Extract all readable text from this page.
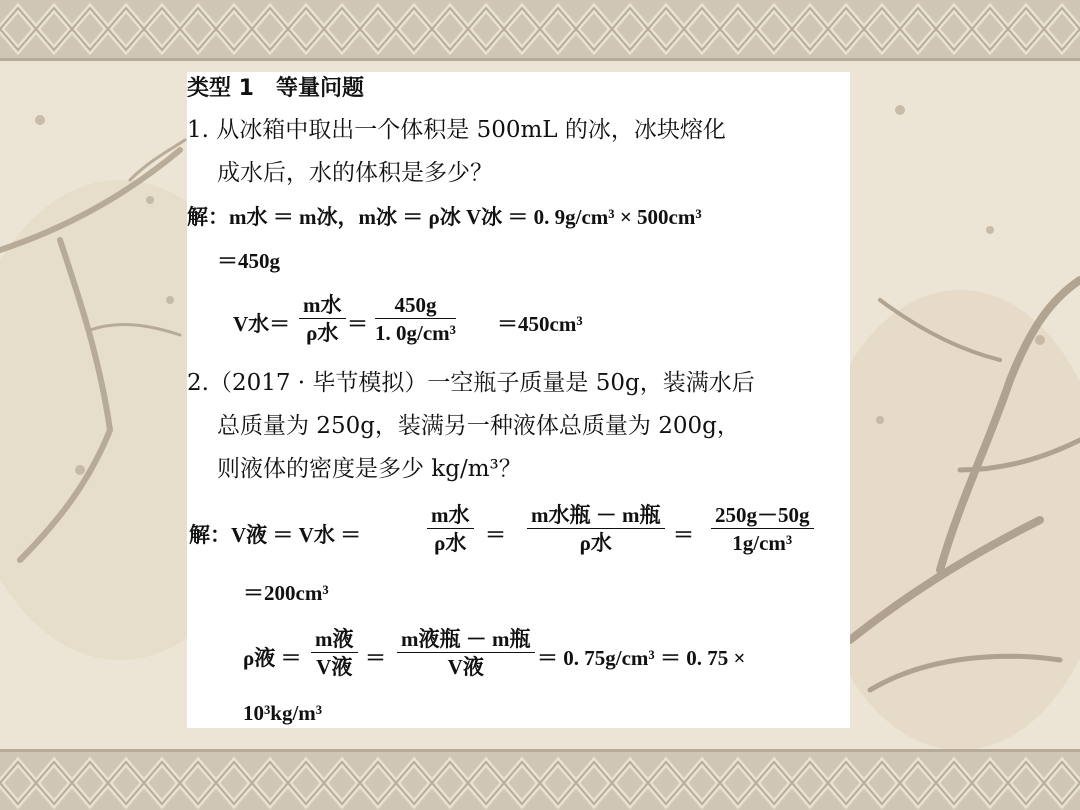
类型 1　等量问题
1. 从冰箱中取出一个体积是 500mL 的冰，冰块熔化
成水后，水的体积是多少？
解：m水 ＝ m冰，m冰 ＝ ρ冰 V冰 ＝ 0. 9g/cm³ × 500cm³
＝450g
V水＝
m水
ρ水 ＝ $\frac{450g}{\text{1. 0g/cm³}} =450cm^3$
2.（2017 · 毕节模拟）一空瓶子质量是 50g，装满水后
总质量为 250g，装满另一种液体总质量为 200g，
则液体的密度是多少 kg/m³？
解：V液 ＝ V水 ＝
m水
ρ水 ＝
m水瓶 － m瓶
ρ水	＝ $\frac{250g-50g}{\text{1g/cm³}}$
＝200cm³
ρ液 ＝
m液
V液 ＝
m液瓶 － m瓶
V液	＝ 0. 75g/cm³ ＝ 0. 75 ×
10³kg/m³
